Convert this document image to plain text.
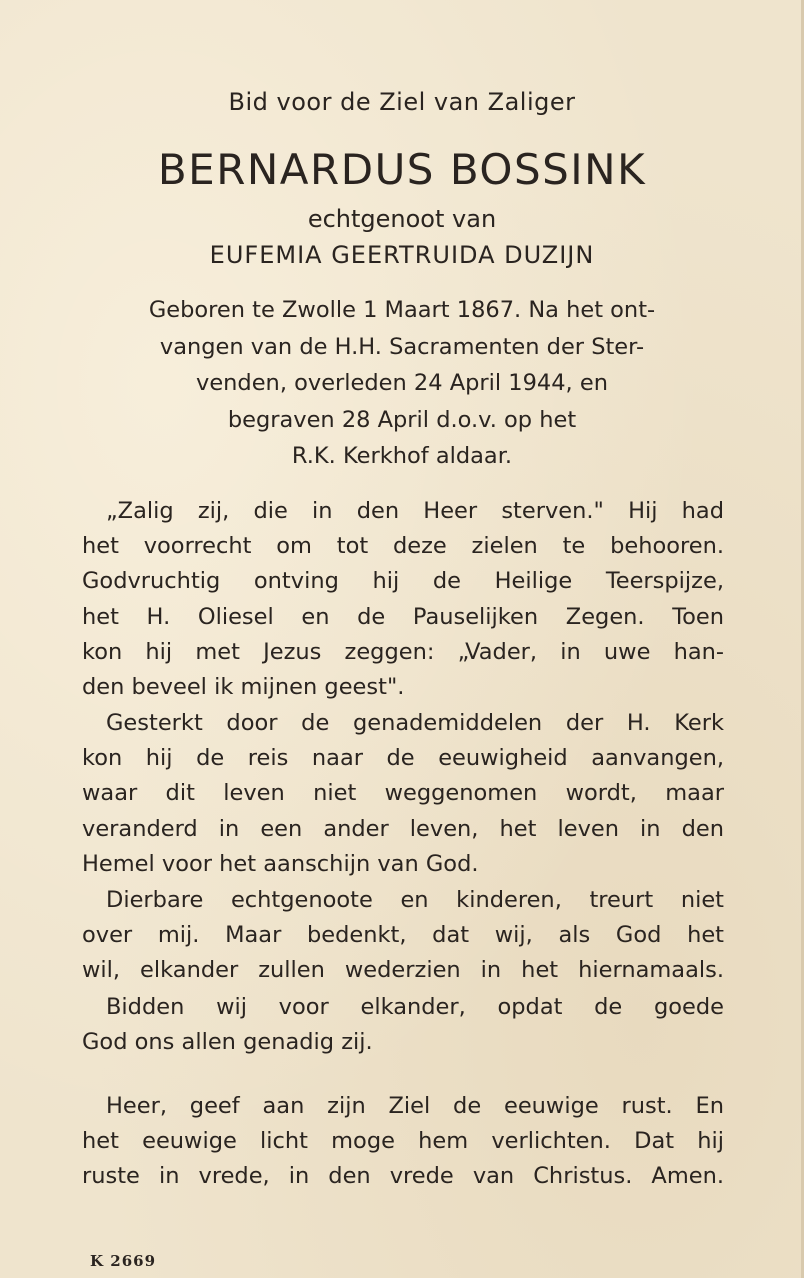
Bid voor de Ziel van Zaliger
BERNARDUS BOSSINK
echtgenoot van
EUFEMIA GEERTRUIDA DUZIJN
Geboren te Zwolle 1 Maart 1867. Na het ont-
vangen van de H.H. Sacramenten der Ster-
venden, overleden 24 April 1944, en
begraven 28 April d.o.v. op het
R.K. Kerkhof aldaar.
„Zalig zij, die in den Heer sterven." Hij had
het voorrecht om tot deze zielen te behooren.
Godvruchtig ontving hij de Heilige Teerspijze,
het H. Oliesel en de Pauselijken Zegen. Toen
kon hij met Jezus zeggen: „Vader, in uwe han-
den beveel ik mijnen geest".
Gesterkt door de genademiddelen der H. Kerk
kon hij de reis naar de eeuwigheid aanvangen,
waar dit leven niet weggenomen wordt, maar
veranderd in een ander leven, het leven in den
Hemel voor het aanschijn van God.
Dierbare echtgenoote en kinderen, treurt niet
over mij. Maar bedenkt, dat wij, als God het
wil, elkander zullen wederzien in het hiernamaals.
Bidden wij voor elkander, opdat de goede
God ons allen genadig zij.
Heer, geef aan zijn Ziel de eeuwige rust. En
het eeuwige licht moge hem verlichten. Dat hij
ruste in vrede, in den vrede van Christus. Amen.
K 2669
